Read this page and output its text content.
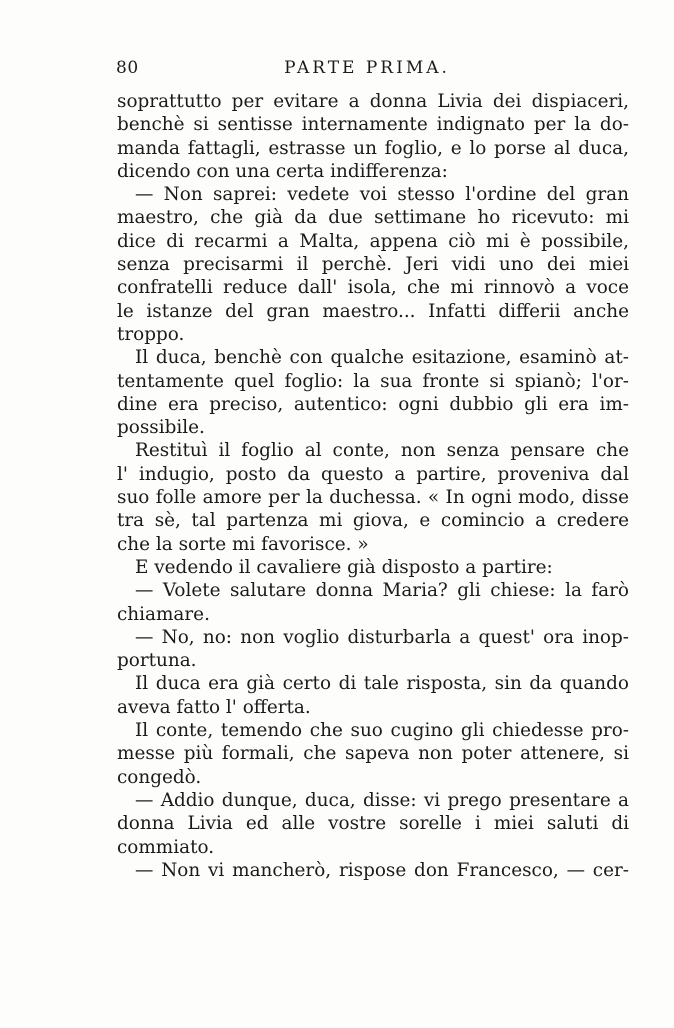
80	PARTE PRIMA.
soprattutto per evitare a donna Livia dei dispiaceri,
benchè si sentisse internamente indignato per la do-
manda fattagli, estrasse un foglio, e lo porse al duca,
dicendo con una certa indifferenza:
— Non saprei: vedete voi stesso l'ordine del gran
maestro, che già da due settimane ho ricevuto: mi
dice di recarmi a Malta, appena ciò mi è possibile,
senza precisarmi il perchè. Jeri vidi uno dei miei
confratelli reduce dall' isola, che mi rinnovò a voce
le istanze del gran maestro... Infatti differii anche
troppo.
Il duca, benchè con qualche esitazione, esaminò at-
tentamente quel foglio: la sua fronte si spianò; l'or-
dine era preciso, autentico: ogni dubbio gli era im-
possibile.
Restituì il foglio al conte, non senza pensare che
l' indugio, posto da questo a partire, proveniva dal
suo folle amore per la duchessa. « In ogni modo, disse
tra sè, tal partenza mi giova, e comincio a credere
che la sorte mi favorisce. »
E vedendo il cavaliere già disposto a partire:
— Volete salutare donna Maria? gli chiese: la farò
chiamare.
— No, no: non voglio disturbarla a quest' ora inop-
portuna.
Il duca era già certo di tale risposta, sin da quando
aveva fatto l' offerta.
Il conte, temendo che suo cugino gli chiedesse pro-
messe più formali, che sapeva non poter attenere, si
congedò.
— Addio dunque, duca, disse: vi prego presentare a
donna Livia ed alle vostre sorelle i miei saluti di
commiato.
— Non vi mancherò, rispose don Francesco, — cer-
